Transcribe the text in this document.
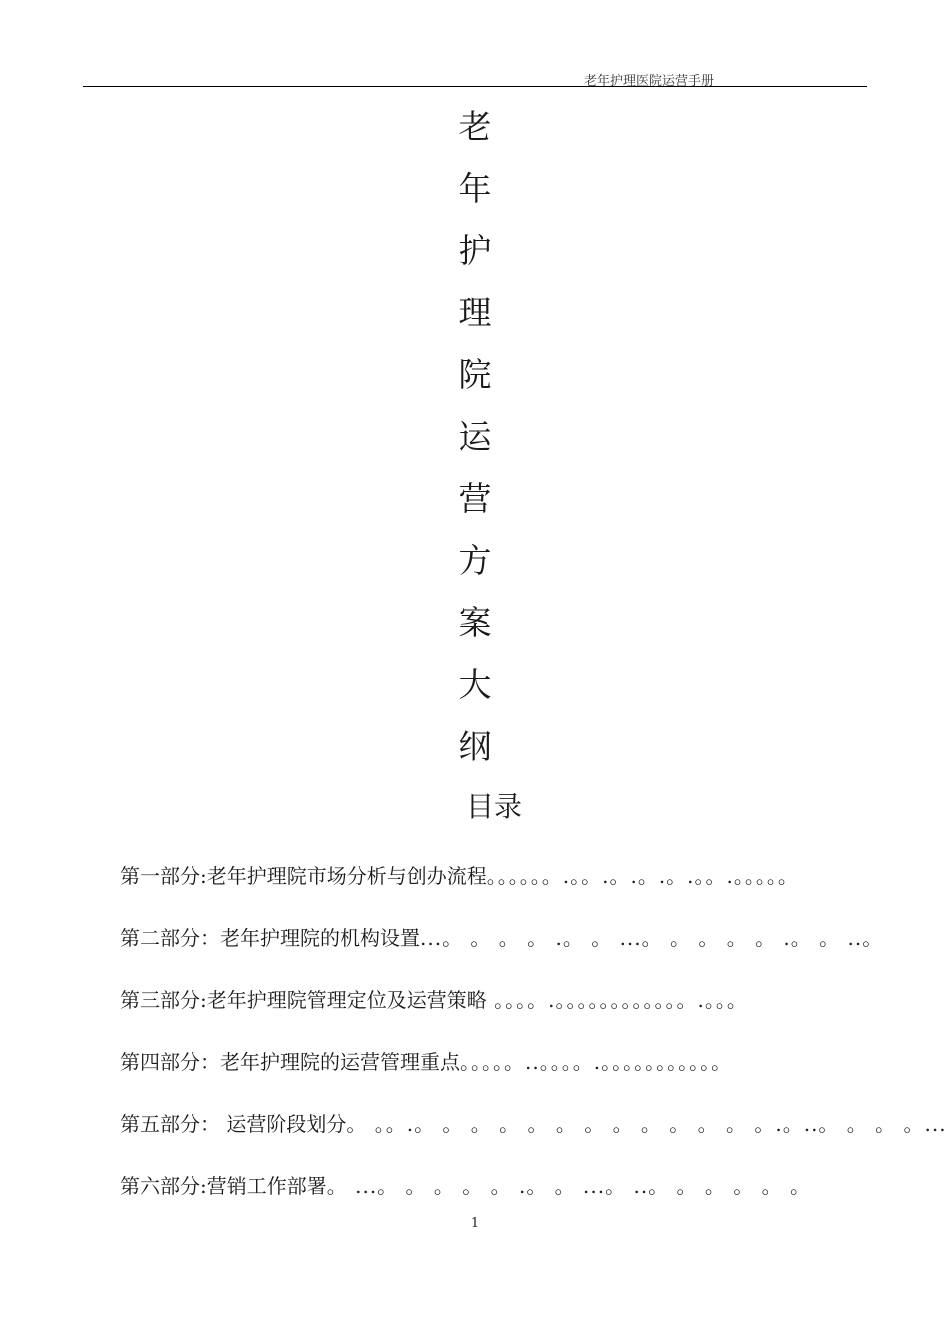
老年护理医院运营手册
老
年
护
理
院
运
营
方
案
大
纲
目录
第一部分:老年护理院市场分析与创办流程。。。。。。.。。.。.。.。.。。.。。。。。
第二部分：老年护理院的机构设置...。 。 。 。 .。 。 ...。 。 。 。 。 .。 。 ..。
第三部分:老年护理院管理定位及运营策略 。。。。.。。。。。。。。。。。。.。。。
第四部分：老年护理院的运营管理重点。。。。。..。。。。.。。。。。。。。。。。
第五部分： 运营阶段划分。 。。.。 。 。 。 。 。 。 。 。 。 。 。 。.。..。 。 。 。...
第六部分:营销工作部署。 ...。 。 。 。 。 .。 。 ...。 ..。 。 。 。 。 。
1
